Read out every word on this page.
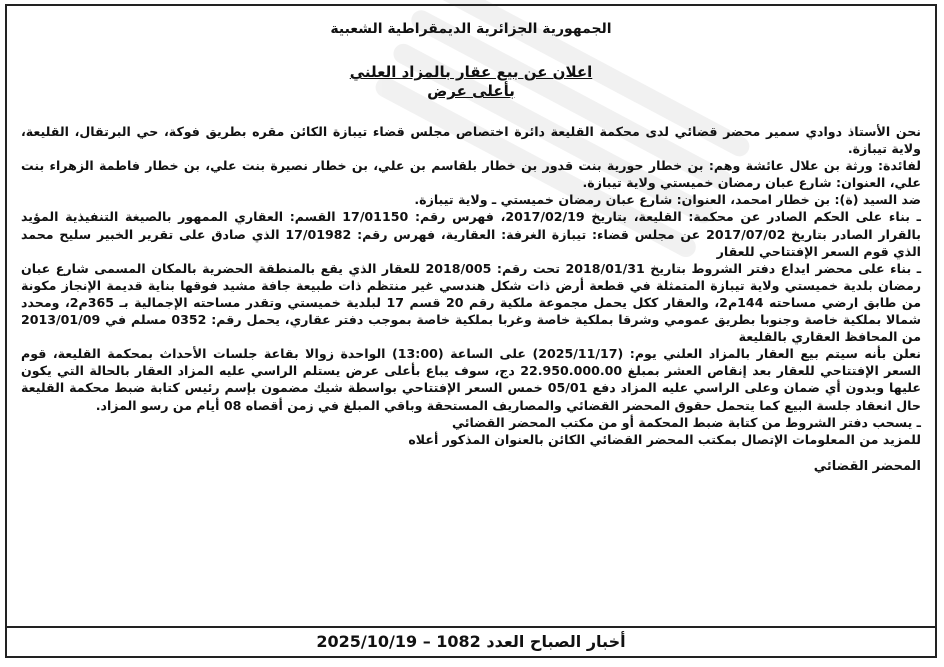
الجمهورية الجزائرية الديمقراطية الشعبية

اعلان عن بيع عقار بالمزاد العلني
بأعلى عرض

نحن الأستاذ دوادي سمير محضر قضائي لدى محكمة القليعة دائرة اختصاص مجلس قضاء تيبازة الكائن مقره بطريق فوكة، حي البرتقال، القليعة، ولاية تيبازة.

لفائدة: ورثة بن علال عائشة وهم: بن خطار حورية بنت قدور بن خطار بلقاسم بن علي، بن خطار نصيرة بنت علي، بن خطار فاطمة الزهراء بنت علي، العنوان: شارع عبان رمضان خميستي ولاية تيبازة.

ضد السيد (ة): بن خطار امحمد، العنوان: شارع عبان رمضان خميستي ـ ولاية تيبازة.

ـ بناء على الحكم الصادر عن محكمة: القليعة، بتاريخ 2017/02/19، فهرس رقم: 17/01150 القسم: العقاري الممهور بالصيغة التنفيذية المؤيد بالقرار الصادر بتاريخ 2017/07/02 عن مجلس قضاء: تيبازة الغرفة: العقارية، فهرس رقم: 17/01982 الذي صادق على تقرير الخبير سليح محمد الذي قوم السعر الإفتتاحي للعقار

ـ بناء على محضر ايداع دفتر الشروط بتاريخ 2018/01/31 تحت رقم: 2018/005 للعقار الذي يقع بالمنطقة الحضرية بالمكان المسمى شارع عبان رمضان بلدية خميستي ولاية تيبازة المتمثلة في قطعة أرض ذات شكل هندسي غير منتظم ذات طبيعة جافة مشيد فوقها بناية قديمة الإنجاز مكونة من طابق ارضي مساحته 144م2، والعقار ككل يحمل مجموعة ملكية رقم 20 قسم 17 لبلدية خميستي وتقدر مساحته الإجمالية بـ 365م2، ومحدد شمالا بملكية خاصة وجنوبا بطريق عمومي وشرقا بملكية خاصة وغربا بملكية خاصة بموجب دفتر عقاري، يحمل رقم: 0352 مسلم في 2013/01/09 من المحافظ العقاري بالقليعة

نعلن بأنه سيتم بيع العقار بالمزاد العلني يوم: (2025/11/17) على الساعة (13:00) الواحدة زوالا بقاعة جلسات الأحداث بمحكمة القليعة، قوم السعر الإفتتاحي للعقار بعد إنقاص العشر بمبلغ 22.950.000.00 دج، سوف يباع بأعلى عرض يستلم الراسي عليه المزاد العقار بالحالة التي يكون عليها وبدون أي ضمان وعلى الراسي عليه المزاد دفع 05/01 خمس السعر الإفتتاحي بواسطة شيك مضمون بإسم رئيس كتابة ضبط محكمة القليعة حال انعقاد جلسة البيع كما يتحمل حقوق المحضر القضائي والمصاريف المستحقة وباقي المبلغ في زمن أقصاه 08 أيام من رسو المزاد.

ـ يسحب دفتر الشروط من كتابة ضبط المحكمة أو من مكتب المحضر القضائي

للمزيد من المعلومات الإتصال بمكتب المحضر القضائي الكائن بالعنوان المذكور أعلاه

المحضر القضائي
أخبار الصباح العدد 1082 – 2025/10/19
